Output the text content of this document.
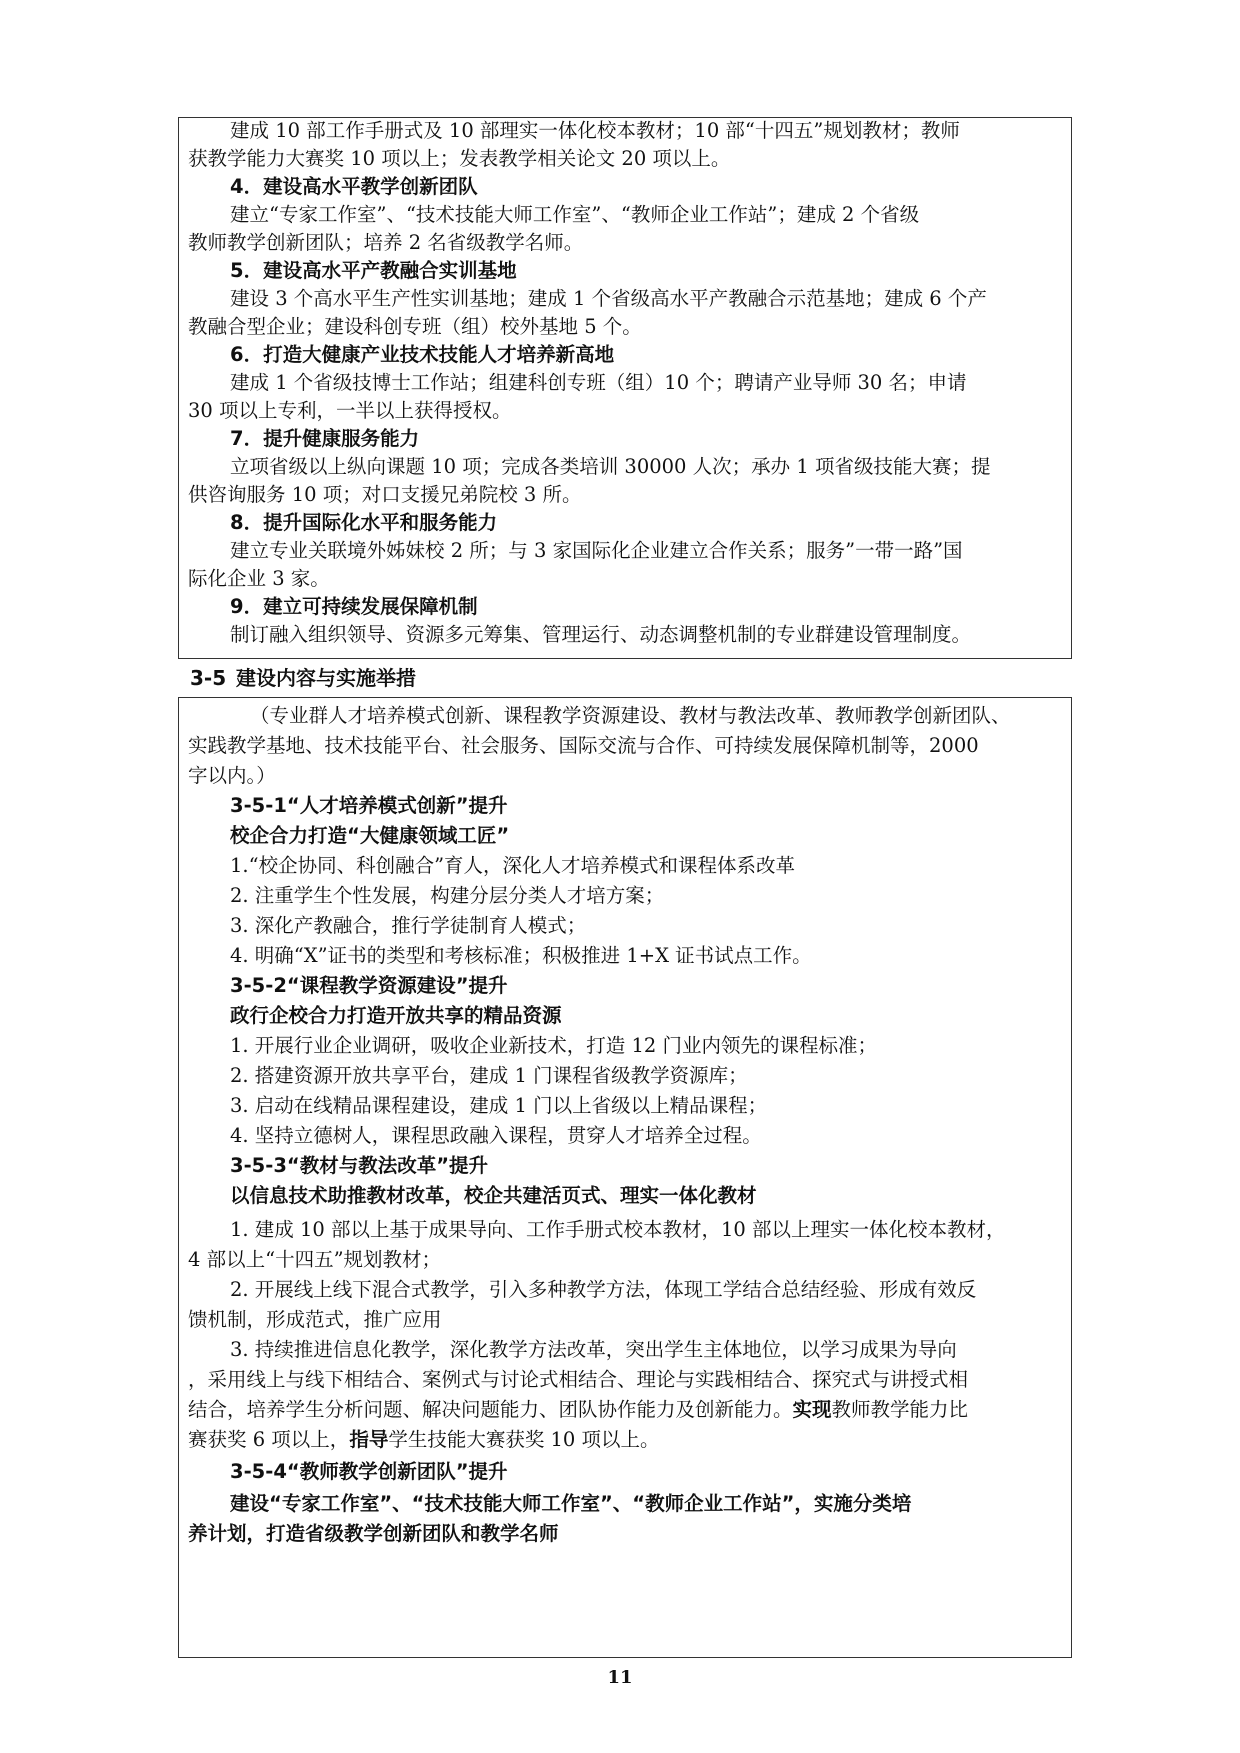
建成 10 部工作手册式及 10 部理实一体化校本教材；10 部“十四五”规划教材；教师
获教学能力大赛奖 10 项以上；发表教学相关论文 20 项以上。
4．建设高水平教学创新团队
建立“专家工作室”、“技术技能大师工作室”、“教师企业工作站”；建成 2 个省级
教师教学创新团队；培养 2 名省级教学名师。
5．建设高水平产教融合实训基地
建设 3 个高水平生产性实训基地；建成 1 个省级高水平产教融合示范基地；建成 6 个产
教融合型企业；建设科创专班（组）校外基地 5 个。
6．打造大健康产业技术技能人才培养新高地
建成 1 个省级技博士工作站；组建科创专班（组）10 个；聘请产业导师 30 名；申请
30 项以上专利，一半以上获得授权。
7．提升健康服务能力
立项省级以上纵向课题 10 项；完成各类培训 30000 人次；承办 1 项省级技能大赛；提
供咨询服务 10 项；对口支援兄弟院校 3 所。
8．提升国际化水平和服务能力
建立专业关联境外姊妹校 2 所；与 3 家国际化企业建立合作关系；服务”一带一路”国
际化企业 3 家。
9．建立可持续发展保障机制
制订融入组织领导、资源多元筹集、管理运行、动态调整机制的专业群建设管理制度。
3-5 建设内容与实施举措
（专业群人才培养模式创新、课程教学资源建设、教材与教法改革、教师教学创新团队、
实践教学基地、技术技能平台、社会服务、国际交流与合作、可持续发展保障机制等，2000
字以内。）
3-5-1“人才培养模式创新”提升
校企合力打造“大健康领域工匠”
1.“校企协同、科创融合”育人，深化人才培养模式和课程体系改革
2. 注重学生个性发展，构建分层分类人才培方案；
3. 深化产教融合，推行学徒制育人模式；
4. 明确“X”证书的类型和考核标准；积极推进 1+X 证书试点工作。
3-5-2“课程教学资源建设”提升
政行企校合力打造开放共享的精品资源
1. 开展行业企业调研，吸收企业新技术，打造 12 门业内领先的课程标准；
2. 搭建资源开放共享平台，建成 1 门课程省级教学资源库；
3. 启动在线精品课程建设，建成 1 门以上省级以上精品课程；
4. 坚持立德树人，课程思政融入课程，贯穿人才培养全过程。
3-5-3“教材与教法改革”提升
以信息技术助推教材改革，校企共建活页式、理实一体化教材
1. 建成 10 部以上基于成果导向、工作手册式校本教材，10 部以上理实一体化校本教材，
4 部以上“十四五”规划教材；
2. 开展线上线下混合式教学，引入多种教学方法，体现工学结合总结经验、形成有效反
馈机制，形成范式，推广应用
3. 持续推进信息化教学，深化教学方法改革，突出学生主体地位，以学习成果为导向
，采用线上与线下相结合、案例式与讨论式相结合、理论与实践相结合、探究式与讲授式相
结合，培养学生分析问题、解决问题能力、团队协作能力及创新能力。实现教师教学能力比
赛获奖 6 项以上，指导学生技能大赛获奖 10 项以上。
3-5-4“教师教学创新团队”提升
建设“专家工作室”、“技术技能大师工作室”、“教师企业工作站”，实施分类培
养计划，打造省级教学创新团队和教学名师
11
